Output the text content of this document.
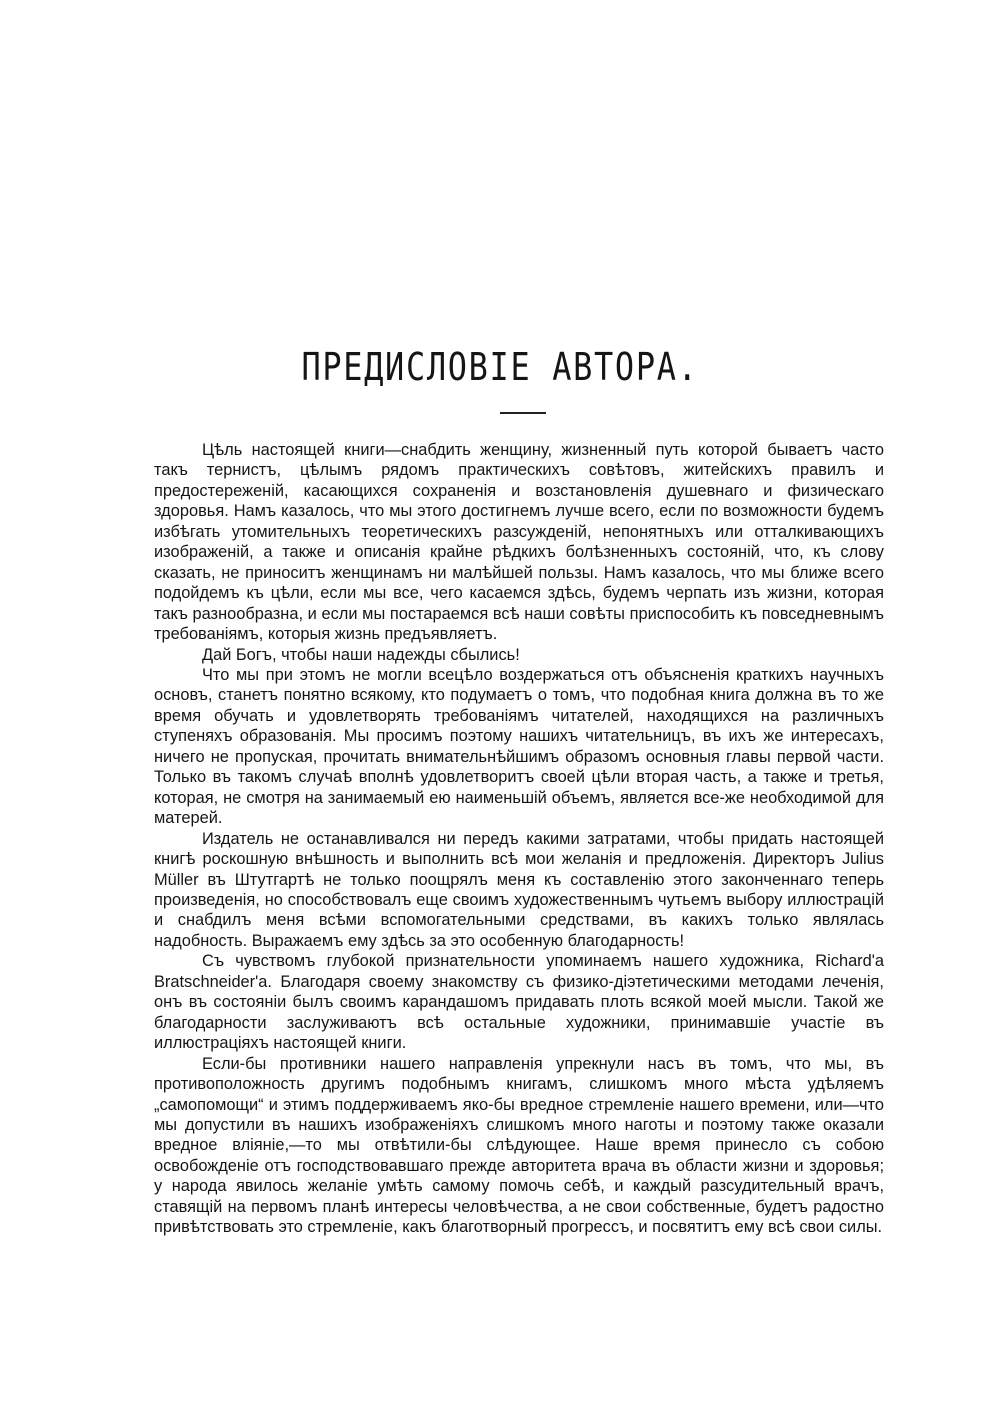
ПРЕДИСЛОВІЕ АВТОРА.

Цѣль настоящей книги—снабдить женщину, жизненный путь которой бываетъ часто такъ тернистъ, цѣлымъ рядомъ практическихъ совѣтовъ, житейскихъ правилъ и предостереженій, касающихся сохраненія и возстановленія душевнаго и физическаго здоровья. Намъ казалось, что мы этого достигнемъ лучше всего, если по возможности будемъ избѣгать утомительныхъ теоретическихъ разсужденій, непонятныхъ или отталкивающихъ изображеній, а также и описанія крайне рѣдкихъ болѣзненныхъ состояній, что, къ слову сказать, не приноситъ женщинамъ ни малѣйшей пользы. Намъ казалось, что мы ближе всего подойдемъ къ цѣли, если мы все, чего касаемся здѣсь, будемъ черпать изъ жизни, которая такъ разнообразна, и если мы постараемся всѣ наши совѣты приспособить къ повседневнымъ требованіямъ, которыя жизнь предъявляетъ.

Дай Богъ, чтобы наши надежды сбылись!

Что мы при этомъ не могли всецѣло воздержаться отъ объясненія краткихъ научныхъ основъ, станетъ понятно всякому, кто подумаетъ о томъ, что подобная книга должна въ то же время обучать и удовлетворять требованіямъ читателей, находящихся на различныхъ ступеняхъ образованія. Мы просимъ поэтому нашихъ читательницъ, въ ихъ же интересахъ, ничего не пропуская, прочитать внимательнѣйшимъ образомъ основныя главы первой части. Только въ такомъ случаѣ вполнѣ удовлетворитъ своей цѣли вторая часть, а также и третья, которая, не смотря на занимаемый ею наименьшій объемъ, является все-же необходимой для матерей.

Издатель не останавливался ни передъ какими затратами, чтобы придать настоящей книгѣ роскошную внѣшность и выполнить всѣ мои желанія и предложенія. Директоръ Julius Müller въ Штутгартѣ не только поощрялъ меня къ составленію этого законченнаго теперь произведенія, но способствовалъ еще своимъ художественнымъ чутьемъ выбору иллюстрацій и снабдилъ меня всѣми вспомогательными средствами, въ какихъ только являлась надобность. Выражаемъ ему здѣсь за это особенную благодарность!

Съ чувствомъ глубокой признательности упоминаемъ нашего художника, Richard'a Bratschneider'a. Благодаря своему знакомству съ физико-діэтетическими методами леченія, онъ въ состояніи былъ своимъ карандашомъ придавать плоть всякой моей мысли. Такой же благодарности заслуживаютъ всѣ остальные художники, принимавшіе участіе въ иллюстраціяхъ настоящей книги.

Если-бы противники нашего направленія упрекнули насъ въ томъ, что мы, въ противоположность другимъ подобнымъ книгамъ, слишкомъ много мѣста удѣляемъ „самопомощи“ и этимъ поддерживаемъ яко-бы вредное стремленіе нашего времени, или—что мы допустили въ нашихъ изображеніяхъ слишкомъ много наготы и поэтому также оказали вредное вліяніе,—то мы отвѣтили-бы слѣдующее. Наше время принесло съ собою освобожденіе отъ господствовавшаго прежде авторитета врача въ области жизни и здоровья; у народа явилось желаніе умѣть самому помочь себѣ, и каждый разсудительный врачъ, ставящій на первомъ планѣ интересы человѣчества, а не свои собственные, будетъ радостно привѣтствовать это стремленіе, какъ благотворный прогрессъ, и посвятитъ ему всѣ свои силы.
